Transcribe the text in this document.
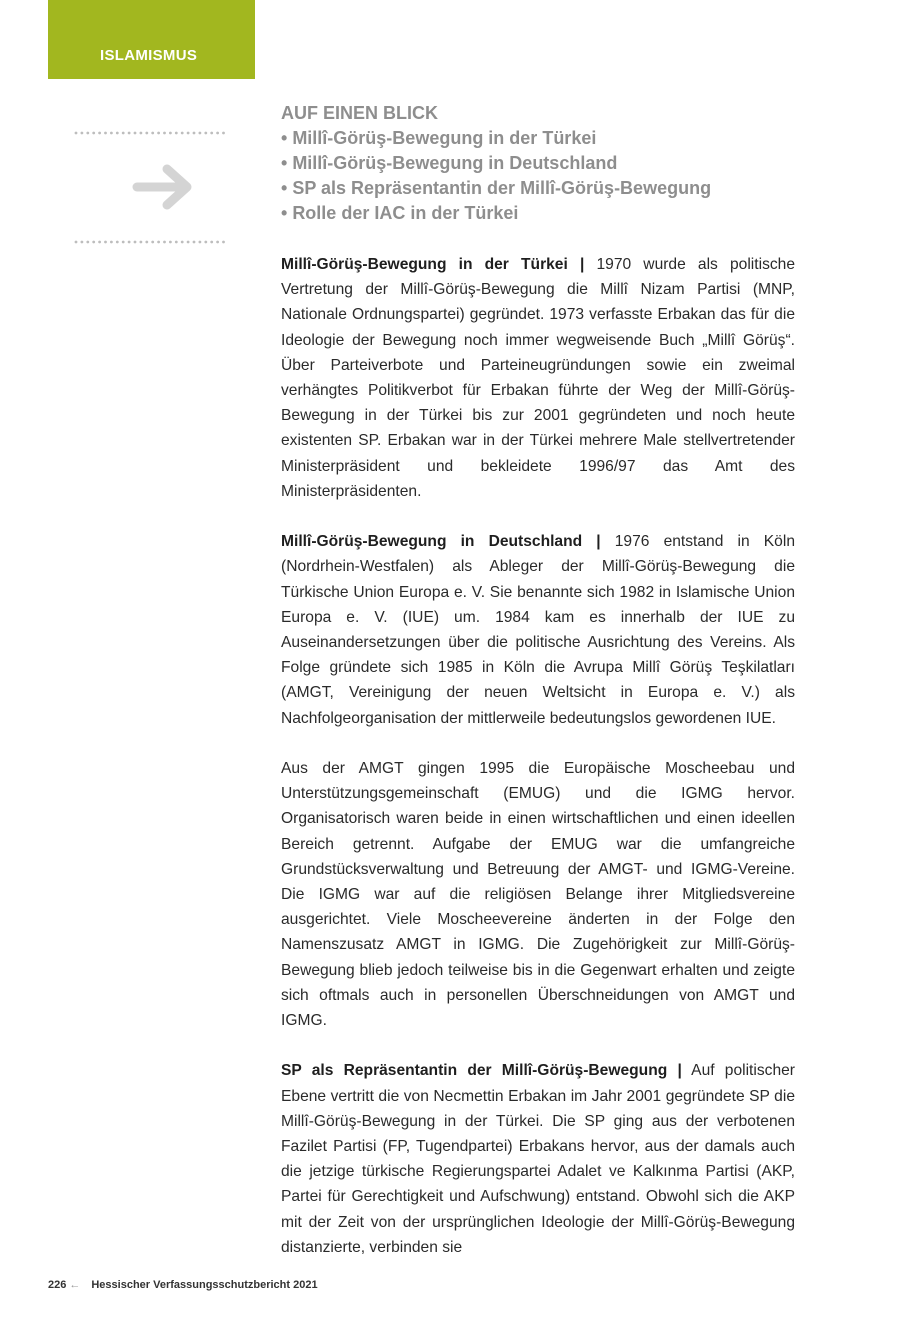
ISLAMISMUS
AUF EINEN BLICK
• Millî-Görüş-Bewegung in der Türkei
• Millî-Görüş-Bewegung in Deutschland
• SP als Repräsentantin der Millî-Görüş-Bewegung
• Rolle der IAC in der Türkei

Millî-Görüş-Bewegung in der Türkei | 1970 wurde als politische Vertretung der Millî-Görüş-Bewegung die Millî Nizam Partisi (MNP, Nationale Ordnungspartei) gegründet. 1973 verfasste Erbakan das für die Ideologie der Bewegung noch immer wegweisende Buch „Millî Görüş“. Über Parteiverbote und Parteineugründungen sowie ein zweimal verhängtes Politikverbot für Erbakan führte der Weg der Millî-Görüş-Bewegung in der Türkei bis zur 2001 gegründeten und noch heute existenten SP. Erbakan war in der Türkei mehrere Male stellvertretender Ministerpräsident und bekleidete 1996/97 das Amt des Ministerpräsidenten.

Millî-Görüş-Bewegung in Deutschland | 1976 entstand in Köln (Nordrhein-Westfalen) als Ableger der Millî-Görüş-Bewegung die Türkische Union Europa e. V. Sie benannte sich 1982 in Islamische Union Europa e. V. (IUE) um. 1984 kam es innerhalb der IUE zu Auseinandersetzungen über die politische Ausrichtung des Vereins. Als Folge gründete sich 1985 in Köln die Avrupa Millî Görüş Teşkilatları (AMGT, Vereinigung der neuen Weltsicht in Europa e. V.) als Nachfolgeorganisation der mittlerweile bedeutungslos gewordenen IUE.

Aus der AMGT gingen 1995 die Europäische Moscheebau und Unterstützungsgemeinschaft (EMUG) und die IGMG hervor. Organisatorisch waren beide in einen wirtschaftlichen und einen ideellen Bereich getrennt. Aufgabe der EMUG war die umfangreiche Grundstücksverwaltung und Betreuung der AMGT- und IGMG-Vereine. Die IGMG war auf die religiösen Belange ihrer Mitgliedsvereine ausgerichtet. Viele Moscheevereine änderten in der Folge den Namenszusatz AMGT in IGMG. Die Zugehörigkeit zur Millî-Görüş-Bewegung blieb jedoch teilweise bis in die Gegenwart erhalten und zeigte sich oftmals auch in personellen Überschneidungen von AMGT und IGMG.

SP als Repräsentantin der Millî-Görüş-Bewegung | Auf politischer Ebene vertritt die von Necmettin Erbakan im Jahr 2001 gegründete SP die Millî-Görüş-Bewegung in der Türkei. Die SP ging aus der verbotenen Fazilet Partisi (FP, Tugendpartei) Erbakans hervor, aus der damals auch die jetzige türkische Regierungspartei Adalet ve Kalkınma Partisi (AKP, Partei für Gerechtigkeit und Aufschwung) entstand. Obwohl sich die AKP mit der Zeit von der ursprünglichen Ideologie der Millî-Görüş-Bewegung distanzierte, verbinden sie

226 ← Hessischer Verfassungsschutzbericht 2021
